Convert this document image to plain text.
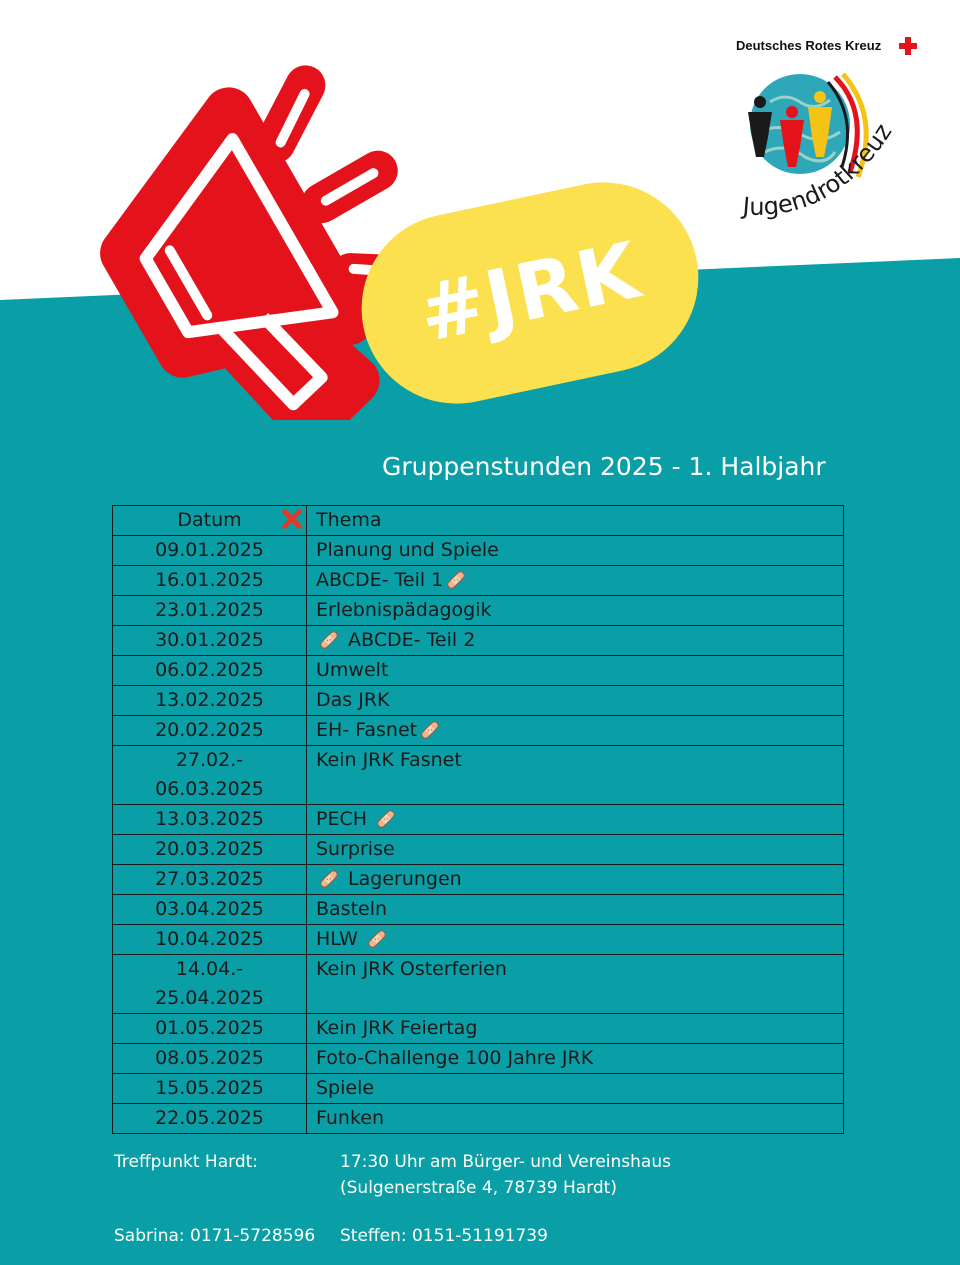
#JRK
Deutsches Rotes Kreuz
Jugendrotkreuz
Gruppenstunden 2025 - 1. Halbjahr
Datum	Thema
09.01.2025	Planung und Spiele
16.01.2025	ABCDE- Teil 1
23.01.2025	Erlebnispädagogik
30.01.2025	ABCDE- Teil 2
06.02.2025	Umwelt
13.02.2025	Das JRK
20.02.2025	EH- Fasnet
27.02.-
06.03.2025	Kein JRK Fasnet
13.03.2025	PECH
20.03.2025	Surprise
27.03.2025	Lagerungen
03.04.2025	Basteln
10.04.2025	HLW
14.04.-
25.04.2025	Kein JRK Osterferien
01.05.2025	Kein JRK Feiertag
08.05.2025	Foto-Challenge 100 Jahre JRK
15.05.2025	Spiele
22.05.2025	Funken
Treffpunkt Hardt:	17:30 Uhr am Bürger- und Vereinshaus
(Sulgenerstraße 4, 78739 Hardt)
Sabrina: 0171-5728596 Steffen: 0151-51191739
